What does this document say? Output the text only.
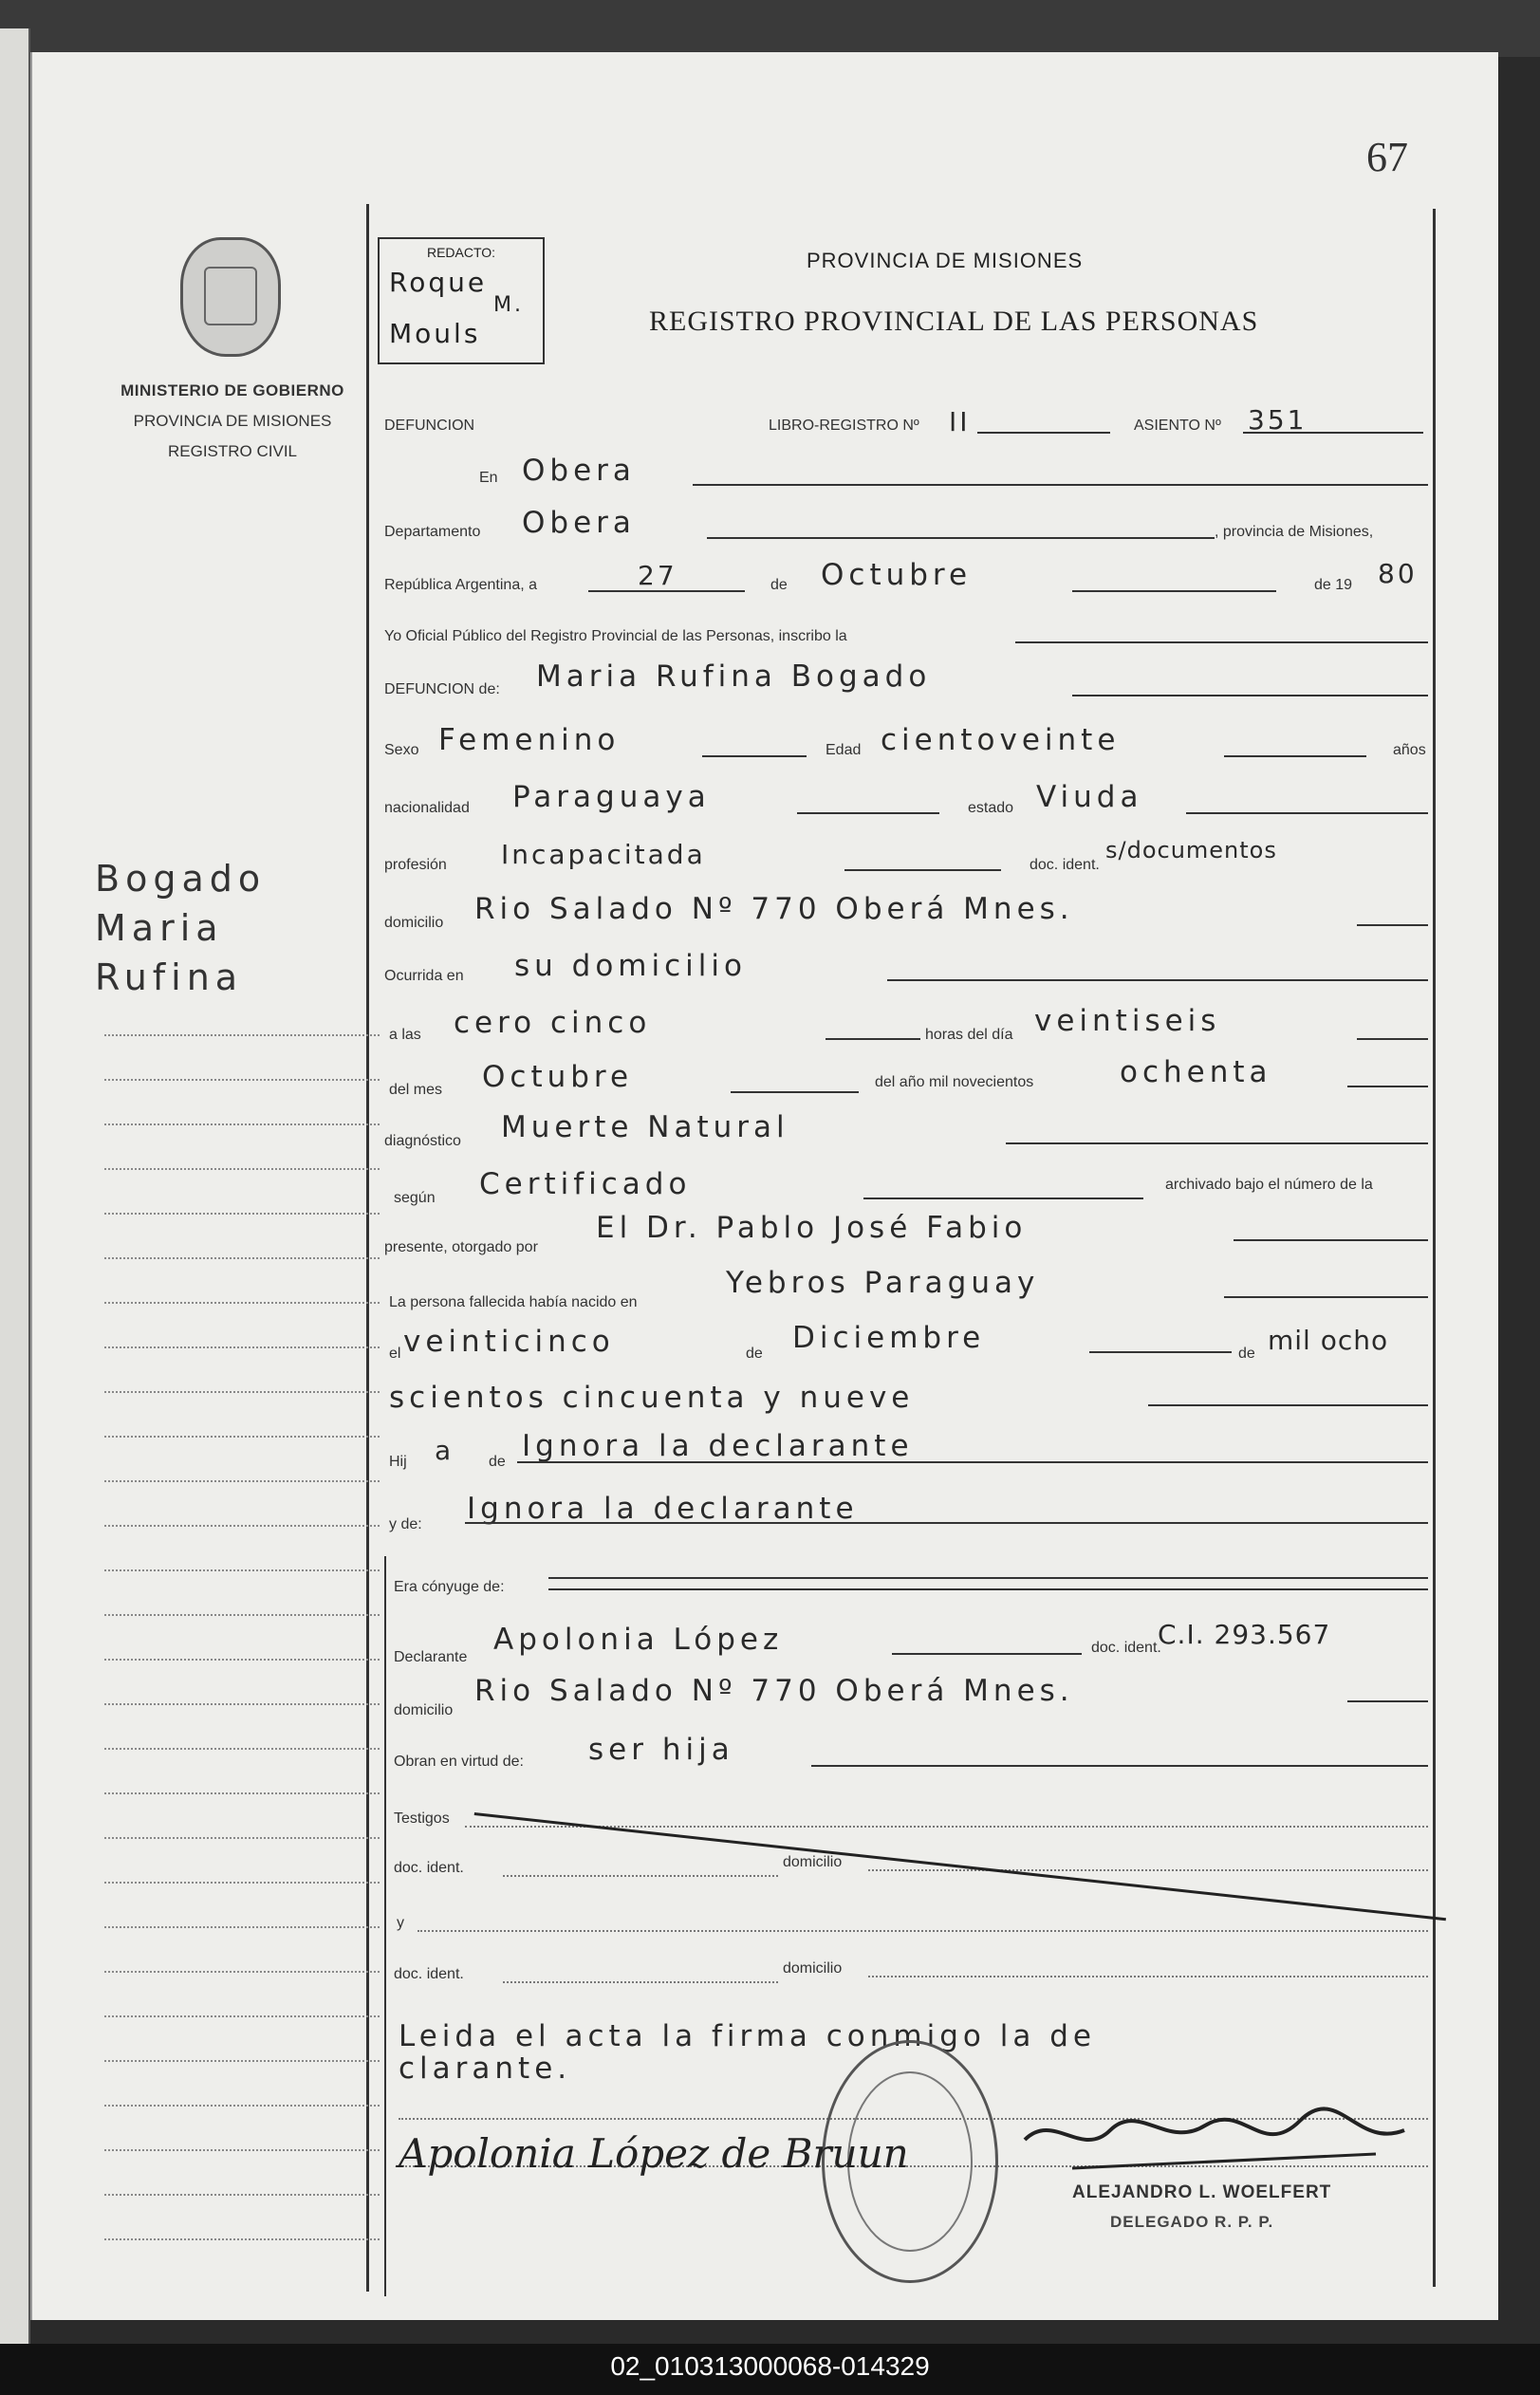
67
MINISTERIO DE GOBIERNO
PROVINCIA DE MISIONES
REGISTRO CIVIL
Bogado
Maria
Rufina
REDACTO:
Roque
M.
Mouls
PROVINCIA DE MISIONES
REGISTRO PROVINCIAL DE LAS PERSONAS
DEFUNCION	LIBRO-REGISTRO Nº II	ASIENTO Nº 351
En Obera
Departamento Obera	, provincia de Misiones,
República Argentina, a	27	de Octubre	de 19 80
Yo Oficial Público del Registro Provincial de las Personas, inscribo la
DEFUNCION de: Maria Rufina Bogado
Sexo Femenino	Edad cientoveinte	años
nacionalidad Paraguaya	estado Viuda
profesión Incapacitada	doc. ident.
s/documentos
domicilio Rio Salado Nº 770 Oberá Mnes.
Ocurrida en su domicilio
a las cero cinco	horas del día veintiseis
del mes Octubre	del año mil novecientos	ochenta
diagnóstico Muerte Natural
según Certificado	archivado bajo el número de la
presente, otorgado por
El Dr. Pablo José Fabio
La persona fallecida había nacido en
Yebros Paraguay
el veinticinco	de Diciembre	de mil ocho
scientos cincuenta y nueve
Hij a de Ignora la declarante
y de: Ignora la declarante
Era cónyuge de:
Declarante
Apolonia López	doc. ident.
C.I. 293.567
domicilio
Rio Salado Nº 770 Oberá Mnes.
Obran en virtud de: ser hija
Testigos
doc. ident.	domicilio
y
doc. ident.	domicilio
Leida el acta la firma conmigo la de
clarante.
Apolonia López de Bruun
ALEJANDRO L. WOELFERT
DELEGADO R. P. P.
02_010313000068-014329
